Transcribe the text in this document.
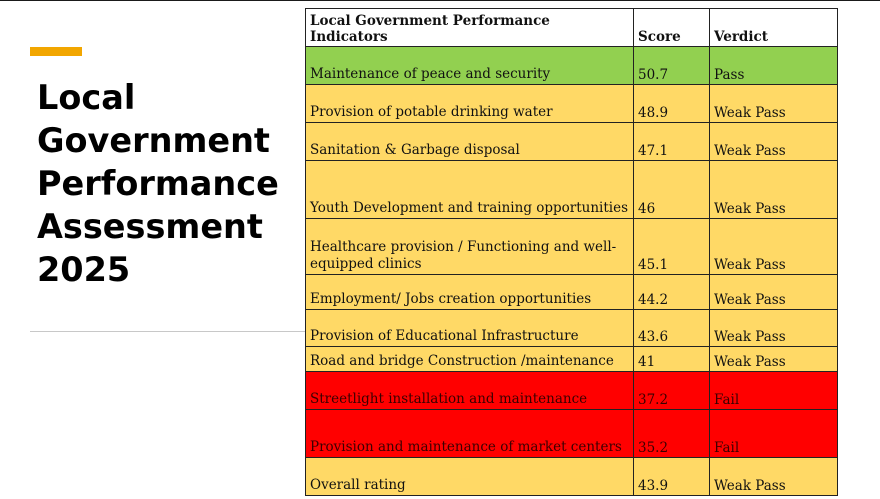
Local Government Performance Assessment 2025
Local Government Performance Indicators	Score	Verdict
Maintenance of peace and security	50.7	Pass
Provision of potable drinking water	48.9	Weak Pass
Sanitation & Garbage disposal	47.1	Weak Pass
Youth Development and training opportunities	46	Weak Pass
Healthcare provision / Functioning and well-equipped clinics	45.1	Weak Pass
Employment/ Jobs creation opportunities	44.2	Weak Pass
Provision of Educational Infrastructure	43.6	Weak Pass
Road and bridge Construction /maintenance	41	Weak Pass
Streetlight installation and maintenance	37.2	Fail
Provision and maintenance of market centers	35.2	Fail
Overall rating	43.9	Weak Pass
